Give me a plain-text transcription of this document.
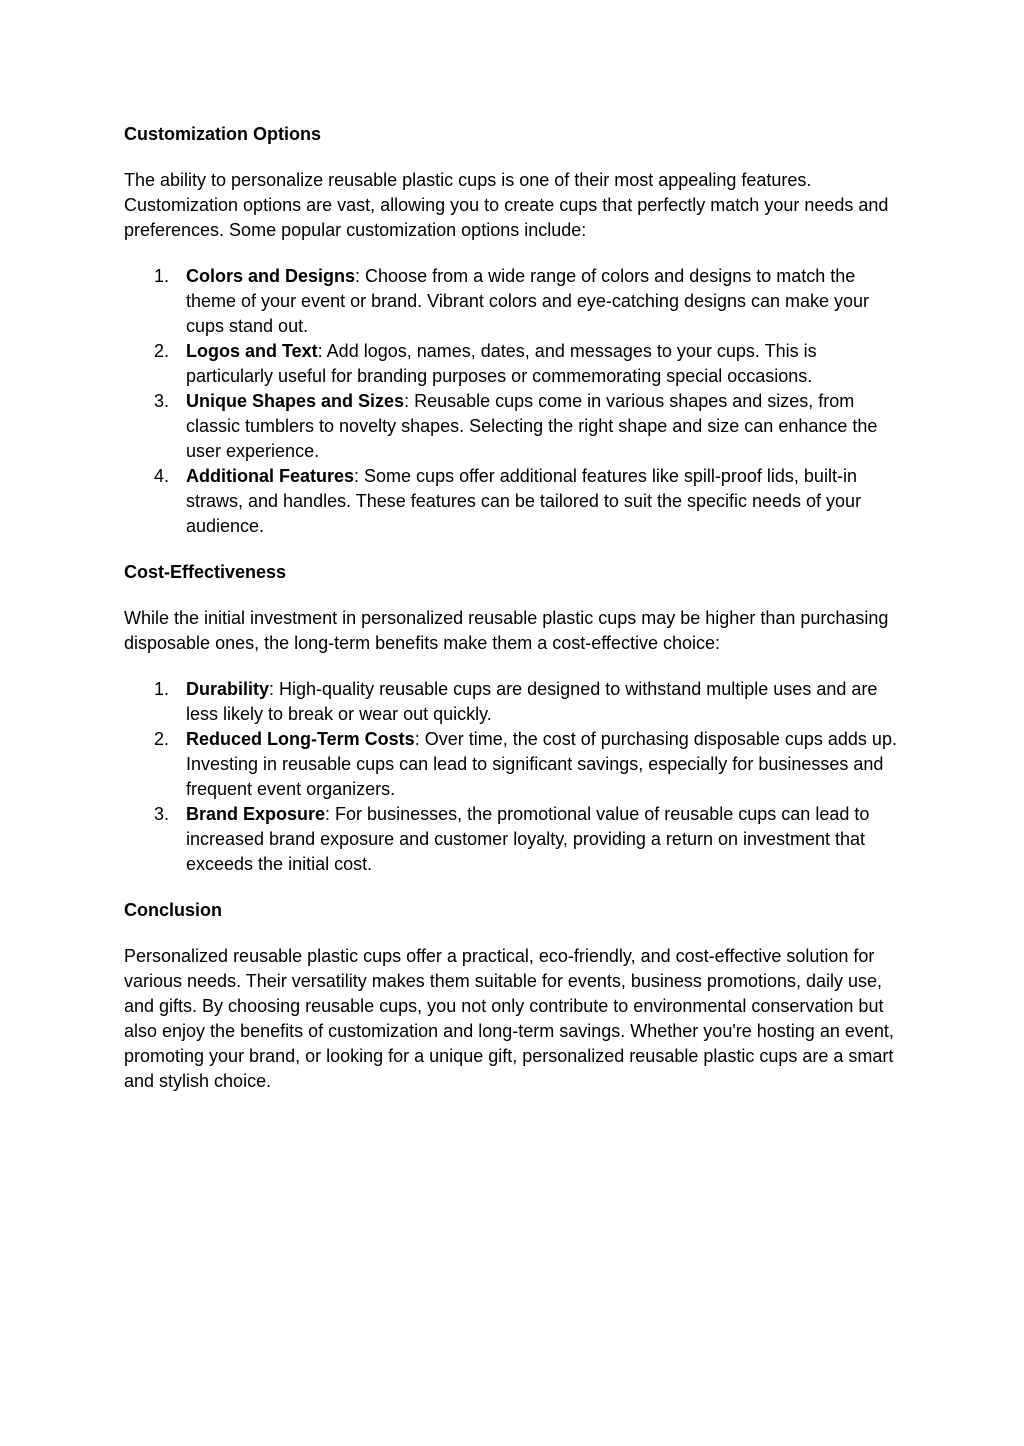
Customization Options

The ability to personalize reusable plastic cups is one of their most appealing features. Customization options are vast, allowing you to create cups that perfectly match your needs and preferences. Some popular customization options include:

1. Colors and Designs: Choose from a wide range of colors and designs to match the theme of your event or brand. Vibrant colors and eye-catching designs can make your cups stand out.
2. Logos and Text: Add logos, names, dates, and messages to your cups. This is particularly useful for branding purposes or commemorating special occasions.
3. Unique Shapes and Sizes: Reusable cups come in various shapes and sizes, from classic tumblers to novelty shapes. Selecting the right shape and size can enhance the user experience.
4. Additional Features: Some cups offer additional features like spill-proof lids, built-in straws, and handles. These features can be tailored to suit the specific needs of your audience.
Cost-Effectiveness

While the initial investment in personalized reusable plastic cups may be higher than purchasing disposable ones, the long-term benefits make them a cost-effective choice:

1. Durability: High-quality reusable cups are designed to withstand multiple uses and are less likely to break or wear out quickly.
2. Reduced Long-Term Costs: Over time, the cost of purchasing disposable cups adds up. Investing in reusable cups can lead to significant savings, especially for businesses and frequent event organizers.
3. Brand Exposure: For businesses, the promotional value of reusable cups can lead to increased brand exposure and customer loyalty, providing a return on investment that exceeds the initial cost.
Conclusion

Personalized reusable plastic cups offer a practical, eco-friendly, and cost-effective solution for various needs. Their versatility makes them suitable for events, business promotions, daily use, and gifts. By choosing reusable cups, you not only contribute to environmental conservation but also enjoy the benefits of customization and long-term savings. Whether you're hosting an event, promoting your brand, or looking for a unique gift, personalized reusable plastic cups are a smart and stylish choice.
